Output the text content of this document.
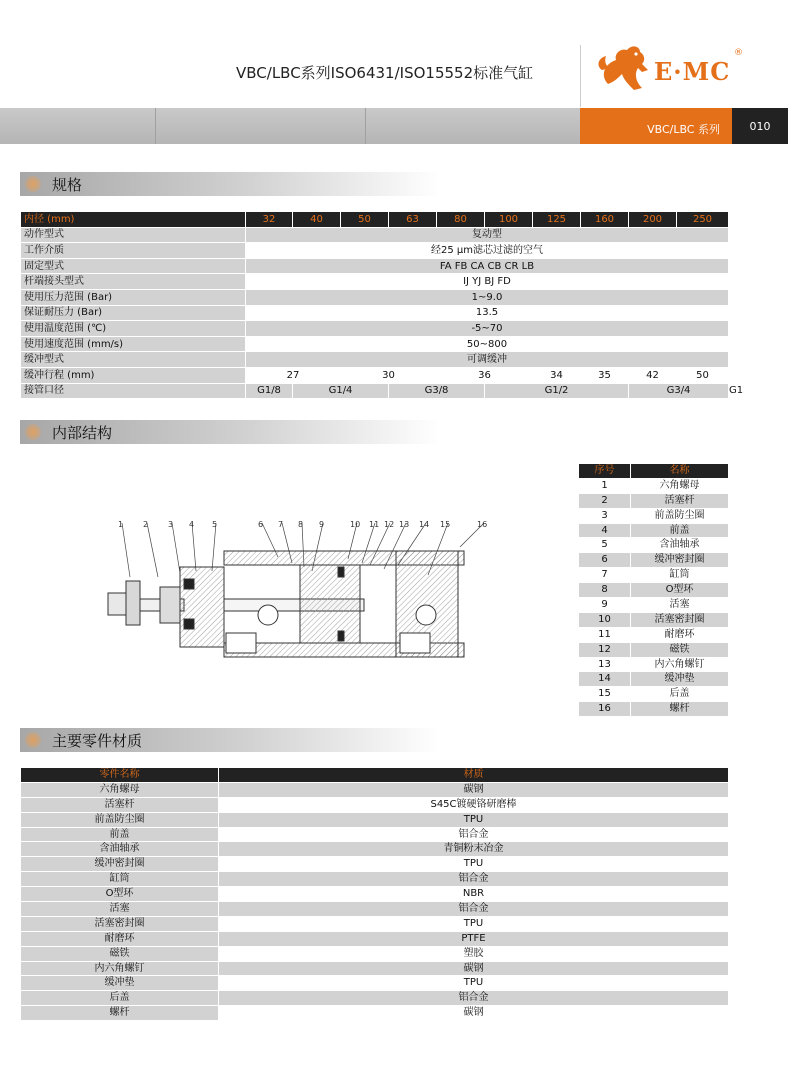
VBC/LBC系列ISO6431/ISO15552标准气缸	E·MC
®
VBC/LBC 系列	010
规格
内径 (mm)	32	40	50	63	80	100	125	160	200	250	
动作型式	复动型										
工作介质	经25 μm滤芯过滤的空气										
固定型式	FA FB CA CB CR LB										
杆端接头型式	IJ YJ BJ FD										
使用压力范围 (Bar)	1~9.0										
保证耐压力 (Bar)	13.5										
使用温度范围 (℃)	-5~70										
使用速度范围 (mm/s)	50~800										
缓冲型式	可调缓冲										
缓冲行程 (mm)	27		30		36		34	35	42	50	
接管口径	G1/8	G1/4		G3/8		G1/2			G3/4		G1
内部结构
1 2 3 4 5	6 7 8 9	10 11 12 13 14 15	16
序号	名称
1	六角螺母
2	活塞杆
3	前盖防尘圈
4	前盖
5	含油轴承
6	缓冲密封圈
7	缸筒
8	O型环
9	活塞
10	活塞密封圈
11	耐磨环
12	磁铁
13	内六角螺钉
14	缓冲垫
15	后盖
16	螺杆
主要零件材质
零件名称	材质
六角螺母	碳钢
活塞杆	S45C镀硬铬研磨棒
前盖防尘圈	TPU
前盖	铝合金
含油轴承	青铜粉末冶金
缓冲密封圈	TPU
缸筒	铝合金
O型环	NBR
活塞	铝合金
活塞密封圈	TPU
耐磨环	PTFE
磁铁	塑胶
内六角螺钉	碳钢
缓冲垫	TPU
后盖	铝合金
螺杆	碳钢
